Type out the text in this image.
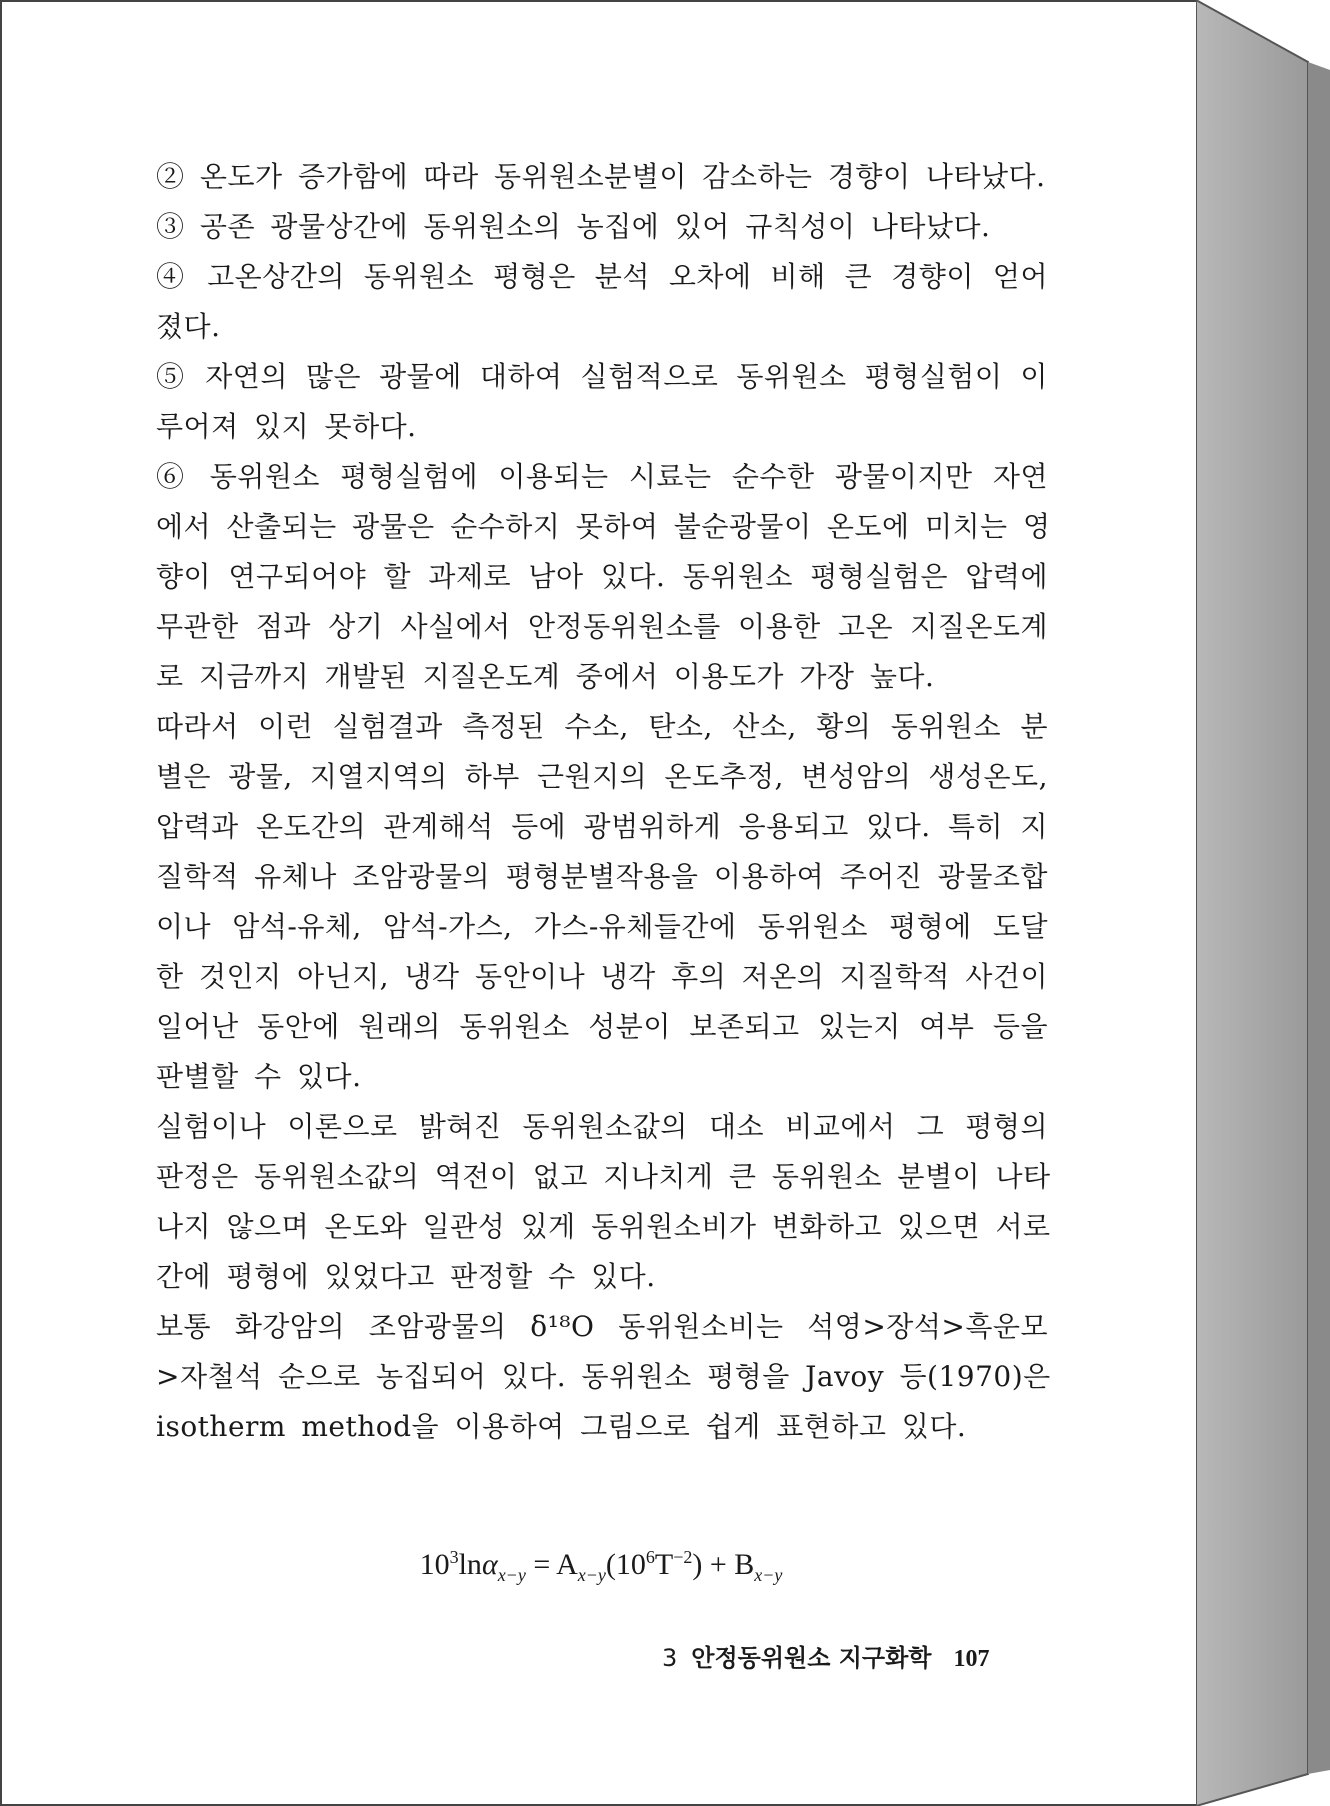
② 온도가 증가함에 따라 동위원소분별이 감소하는 경향이 나타났다.
③ 공존 광물상간에 동위원소의 농집에 있어 규칙성이 나타났다.
④ 고온상간의 동위원소 평형은 분석 오차에 비해 큰 경향이 얻어
졌다.
⑤ 자연의 많은 광물에 대하여 실험적으로 동위원소 평형실험이 이
루어져 있지 못하다.
⑥ 동위원소 평형실험에 이용되는 시료는 순수한 광물이지만 자연
에서 산출되는 광물은 순수하지 못하여 불순광물이 온도에 미치는 영
향이 연구되어야 할 과제로 남아 있다. 동위원소 평형실험은 압력에
무관한 점과 상기 사실에서 안정동위원소를 이용한 고온 지질온도계
로 지금까지 개발된 지질온도계 중에서 이용도가 가장 높다.
따라서 이런 실험결과 측정된 수소, 탄소, 산소, 황의 동위원소 분
별은 광물, 지열지역의 하부 근원지의 온도추정, 변성암의 생성온도,
압력과 온도간의 관계해석 등에 광범위하게 응용되고 있다. 특히 지
질학적 유체나 조암광물의 평형분별작용을 이용하여 주어진 광물조합
이나 암석-유체, 암석-가스, 가스-유체들간에 동위원소 평형에 도달
한 것인지 아닌지, 냉각 동안이나 냉각 후의 저온의 지질학적 사건이
일어난 동안에 원래의 동위원소 성분이 보존되고 있는지 여부 등을
판별할 수 있다.
실험이나 이론으로 밝혀진 동위원소값의 대소 비교에서 그 평형의
판정은 동위원소값의 역전이 없고 지나치게 큰 동위원소 분별이 나타
나지 않으며 온도와 일관성 있게 동위원소비가 변화하고 있으면 서로
간에 평형에 있었다고 판정할 수 있다.
보통 화강암의 조암광물의 δ¹⁸O 동위원소비는 석영>장석>흑운모
>자철석 순으로 농집되어 있다. 동위원소 평형을 Javoy 등(1970)은
isotherm method을 이용하여 그림으로 쉽게 표현하고 있다.
$10^3\ln\alpha_{x-y} = A_{x-y}(10^6T^{-2}) + B_{x-y}$
3 안정동위원소 지구화학 107
